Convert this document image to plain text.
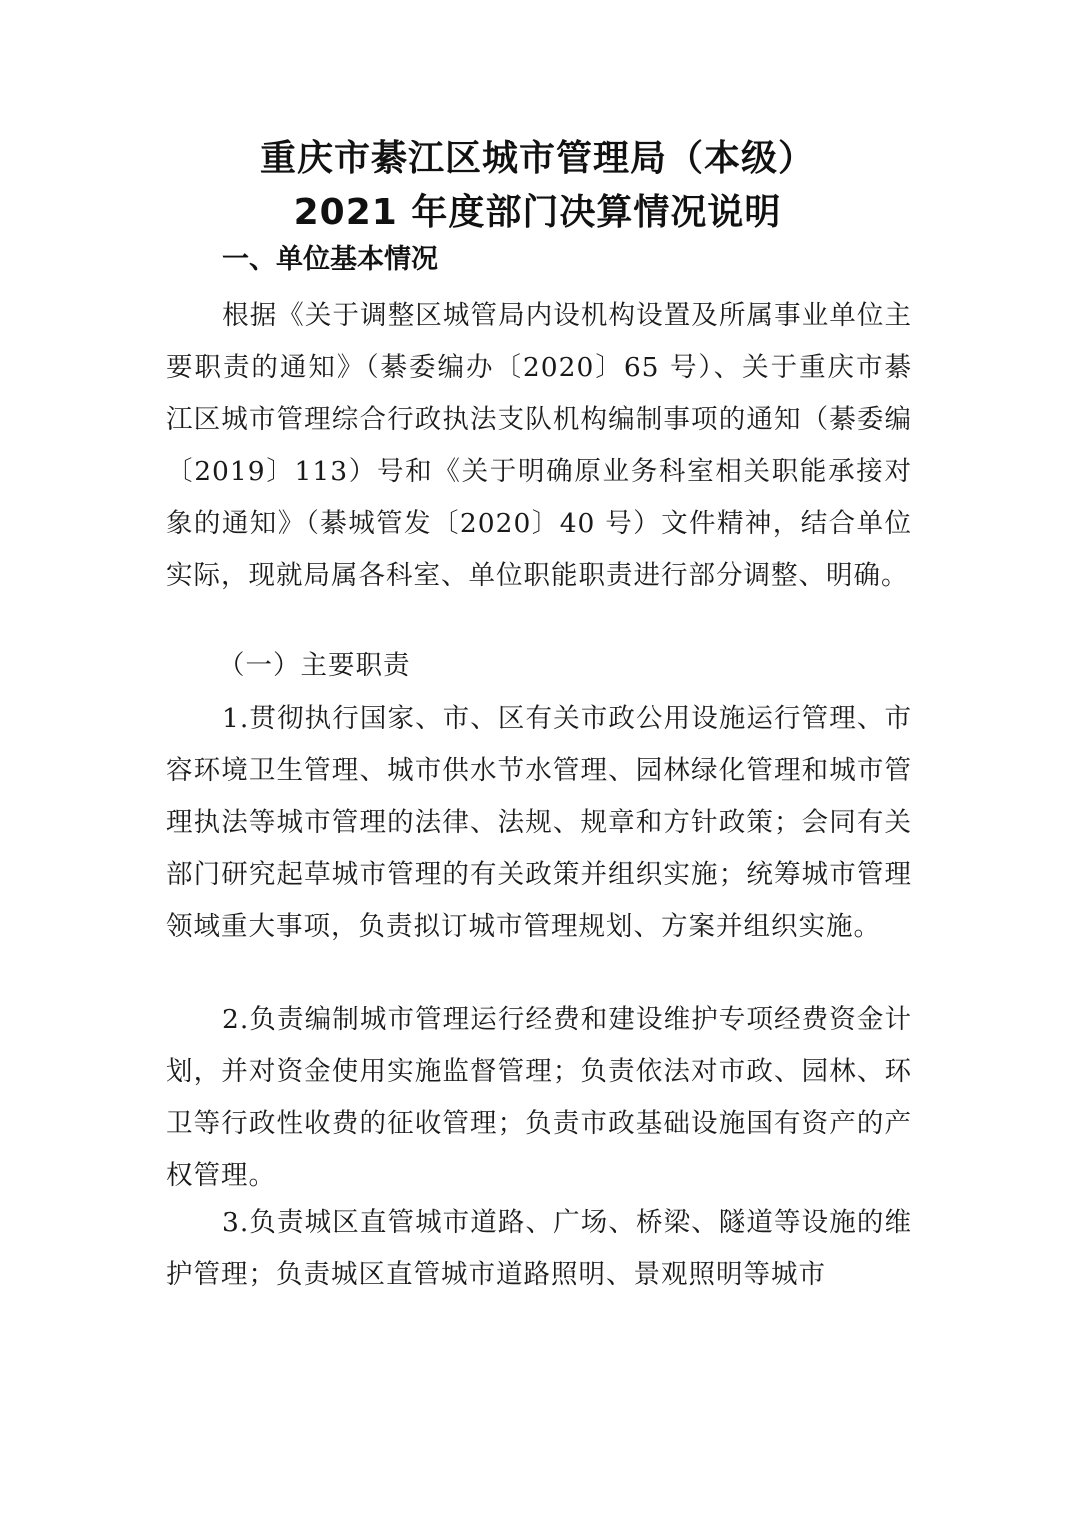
重庆市綦江区城市管理局（本级）
2021 年度部门决算情况说明
一、单位基本情况
根据《关于调整区城管局内设机构设置及所属事业单位主要职责的通知》（綦委编办〔2020〕65 号）、关于重庆市綦江区城市管理综合行政执法支队机构编制事项的通知（綦委编〔2019〕113）号和《关于明确原业务科室相关职能承接对象的通知》（綦城管发〔2020〕40 号）文件精神，结合单位实际，现就局属各科室、单位职能职责进行部分调整、明确。
（一）主要职责
1.贯彻执行国家、市、区有关市政公用设施运行管理、市容环境卫生管理、城市供水节水管理、园林绿化管理和城市管理执法等城市管理的法律、法规、规章和方针政策；会同有关部门研究起草城市管理的有关政策并组织实施；统筹城市管理领域重大事项，负责拟订城市管理规划、方案并组织实施。
2.负责编制城市管理运行经费和建设维护专项经费资金计划，并对资金使用实施监督管理；负责依法对市政、园林、环卫等行政性收费的征收管理；负责市政基础设施国有资产的产权管理。
3.负责城区直管城市道路、广场、桥梁、隧道等设施的维护管理；负责城区直管城市道路照明、景观照明等城市
